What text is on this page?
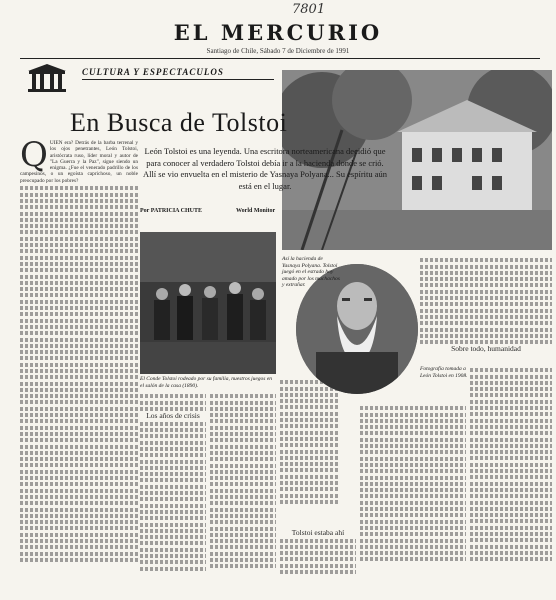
7801
EL MERCURIO
Santiago de Chile, Sábado 7 de Diciembre de 1991
CULTURA Y ESPECTACULOS
En Busca de Tolstoi
León Tolstoi es una leyenda. Una escritora norteamericana decidió que para conocer al verdadero Tolstoi debía ir a la hacienda donde se crió. Allí se vio envuelta en el misterio de Yasnaya Polyana... Su espíritu aún está en el lugar.
Por PATRICIA CHUTE	World Monitor
Q UIEN era? Detrás de la barba terrenal y los ojos penetrantes, León Tolstoi, aristócrata ruso, líder moral y autor de "La Guerra y la Paz", sigue siendo un enigma. ¿Fue el venerado padrillo de los campesinos, o un egoísta caprichoso, un noble preocupado por los pobres?
El Conde Tolstoi rodeado por su familia, nuestros juegos en el salón de la casa (1890).
Los años de crisis
Así la hacienda de Yasnaya Polyana. Tolstoi juegó en el estrado hoy amado por los muchachos y extrañar.
Fotografía tomada a León Tolstoi en 1908.
Sobre todo, humanidad
Tolstoi estaba ahí
